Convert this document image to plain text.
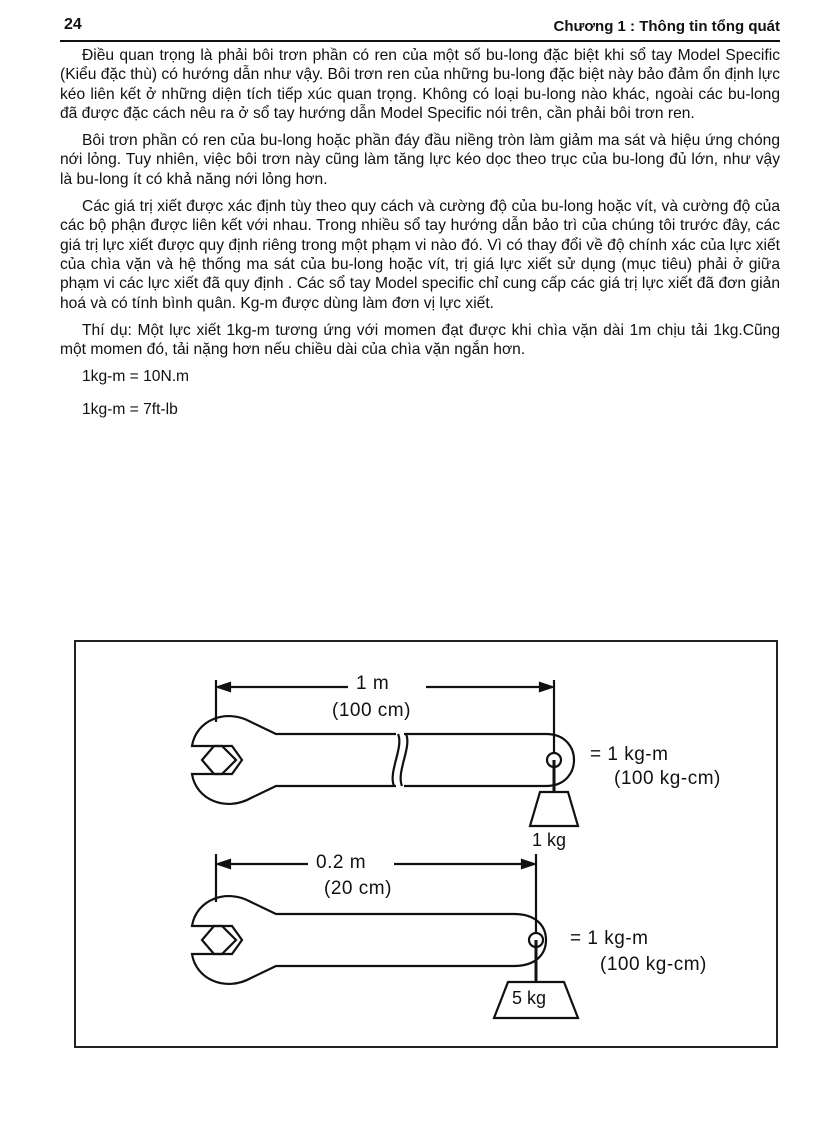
24	Chương 1 : Thông tin tổng quát

Điều quan trọng là phải bôi trơn phần có ren của một số bu-long đặc biệt khi sổ tay Model Specific (Kiểu đặc thù) có hướng dẫn như vậy. Bôi trơn ren của những bu-long đặc biệt này bảo đảm ổn định lực kéo liên kết ở những diện tích tiếp xúc quan trọng. Không có loại bu-long nào khác, ngoài các bu-long đã được đặc cách nêu ra ở sổ tay hướng dẫn Model Specific nói trên, cần phải bôi trơn ren.

Bôi trơn phần có ren của bu-long hoặc phần đáy đầu niềng tròn làm giảm ma sát và hiệu ứng chóng nới lỏng. Tuy nhiên, việc bôi trơn này cũng làm tăng lực kéo dọc theo trục của bu-long đủ lớn, như vậy là bu-long ít có khả năng nới lỏng hơn.

Các giá trị xiết được xác định tùy theo quy cách và cường độ của bu-long hoặc vít, và cường độ của các bộ phận được liên kết với nhau. Trong nhiều sổ tay hướng dẫn bảo trì của chúng tôi trước đây, các giá trị lực xiết được quy định riêng trong một phạm vi nào đó. Vì có thay đổi về độ chính xác của lực xiết của chìa vặn và hệ thống ma sát của bu-long hoặc vít, trị giá lực xiết sử dụng (mục tiêu) phải ở giữa phạm vi các lực xiết đã quy định . Các sổ tay Model specific chỉ cung cấp các giá trị lực xiết đã đơn giản hoá và có tính bình quân. Kg-m được dùng làm đơn vị lực xiết.

Thí dụ: Một lực xiết 1kg-m tương ứng với momen đạt được khi chìa vặn dài 1m chịu tải 1kg.Cũng một momen đó, tải nặng hơn nếu chiều dài của chìa vặn ngắn hơn.

1kg-m = 10N.m
1kg-m = 7ft-lb
1 m
(100 cm)
= 1 kg-m
(100 kg-cm)
1 kg
0.2 m
(20 cm)
= 1 kg-m
(100 kg-cm)
5 kg
